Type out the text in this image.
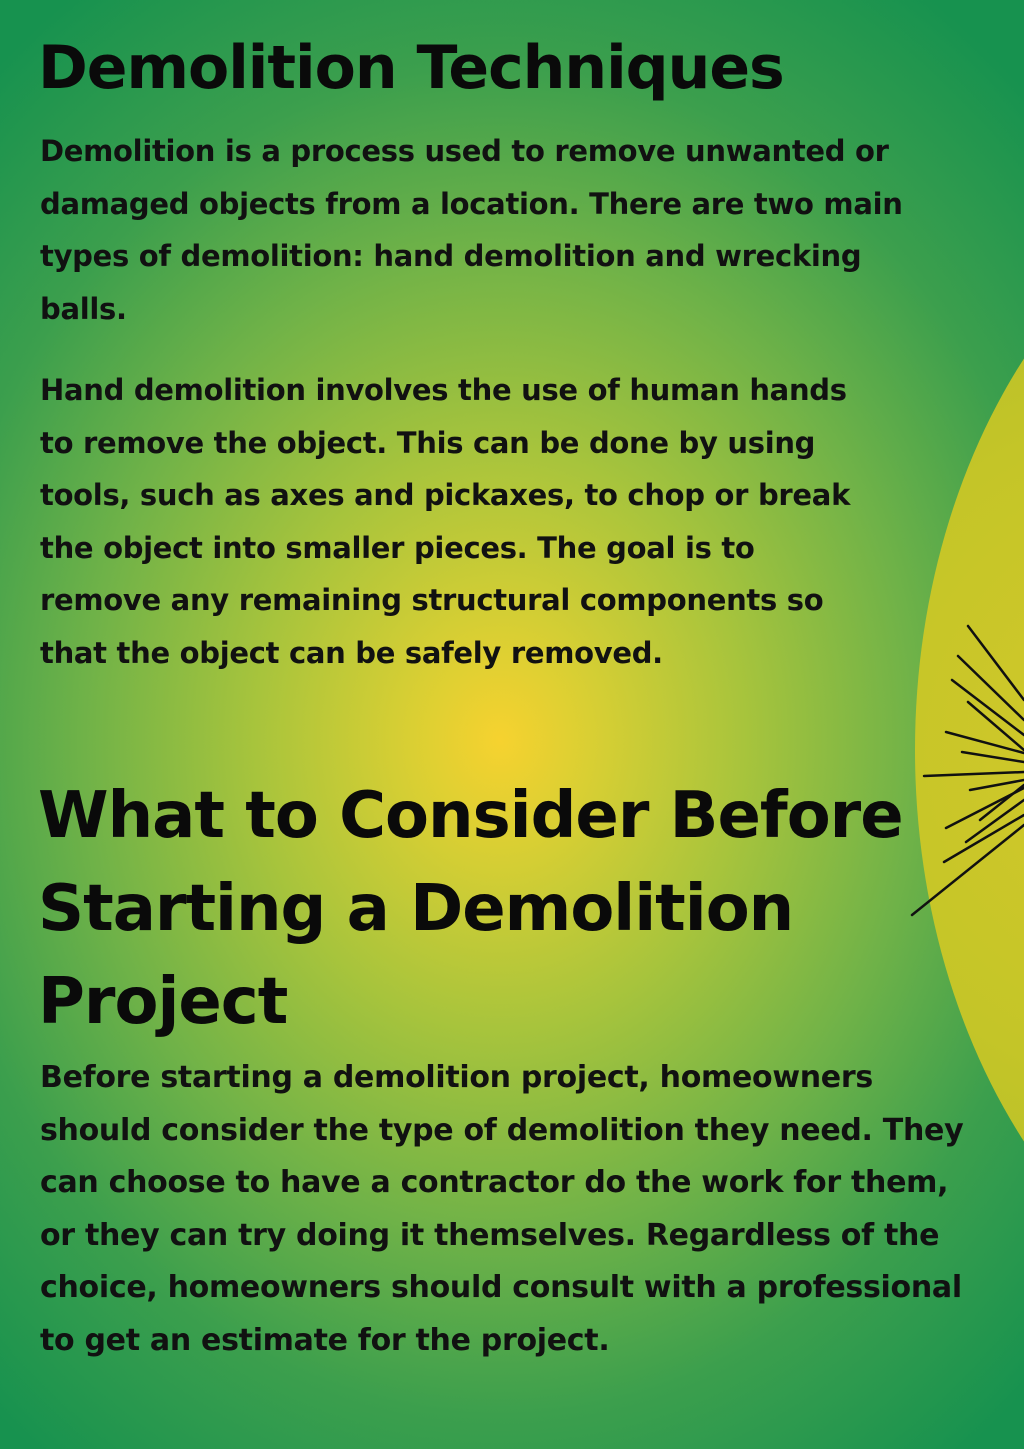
Demolition Techniques

Demolition is a process used to remove unwanted or damaged objects from a location. There are two main types of demolition: hand demolition and wrecking balls.

Hand demolition involves the use of human hands to remove the object. This can be done by using tools, such as axes and pickaxes, to chop or break the object into smaller pieces. The goal is to remove any remaining structural components so that the object can be safely removed.

What to Consider Before Starting a Demolition Project

Before starting a demolition project, homeowners should consider the type of demolition they need. They can choose to have a contractor do the work for them, or they can try doing it themselves. Regardless of the choice, homeowners should consult with a professional to get an estimate for the project.
